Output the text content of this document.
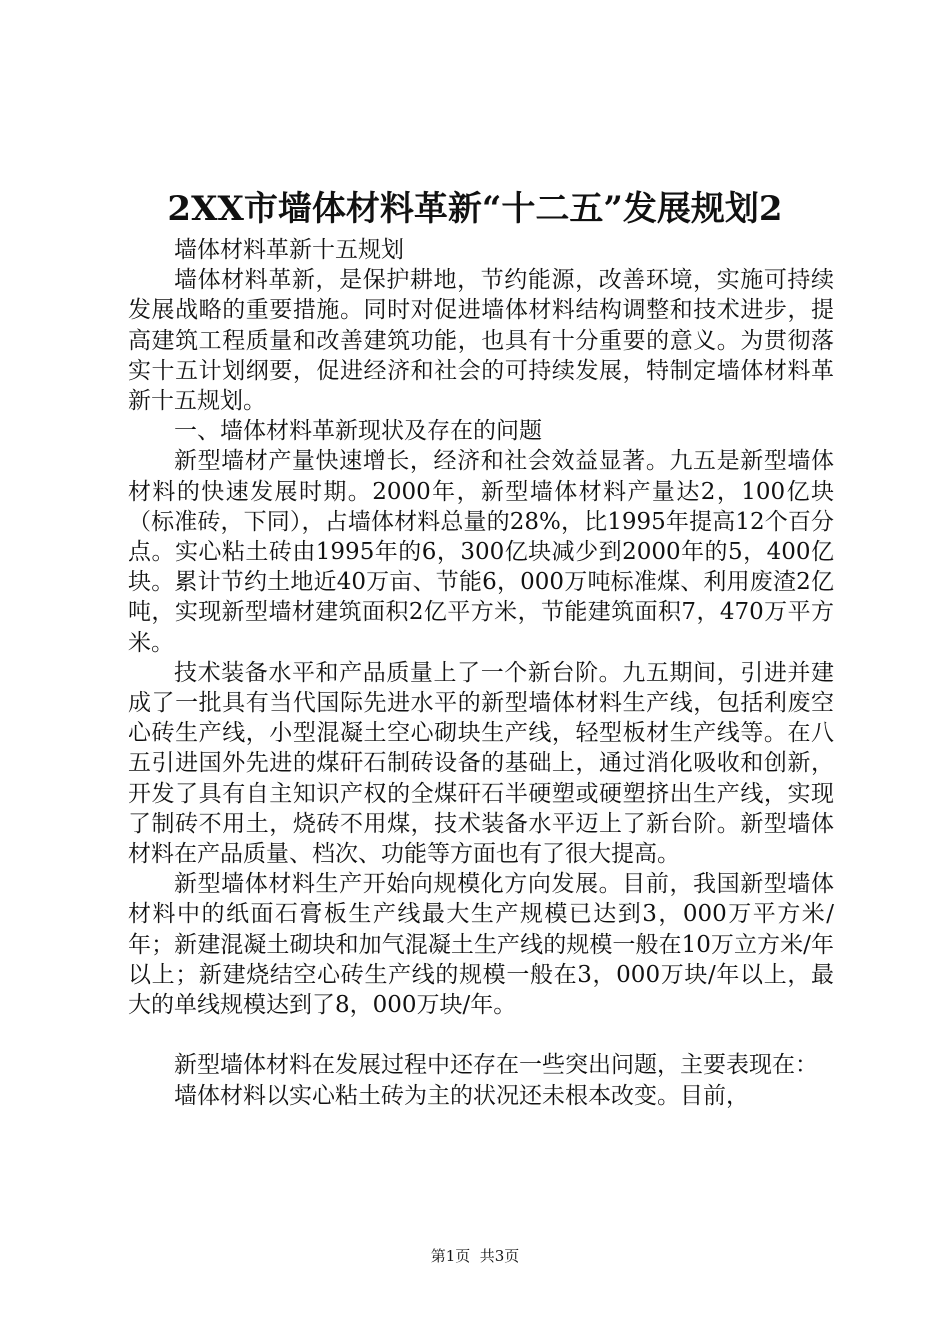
2XX市墙体材料革新“十二五”发展规划2

墙体材料革新十五规划

墙体材料革新，是保护耕地，节约能源，改善环境，实施可持续发展战略的重要措施。同时对促进墙体材料结构调整和技术进步，提高建筑工程质量和改善建筑功能，也具有十分重要的意义。为贯彻落实十五计划纲要，促进经济和社会的可持续发展，特制定墙体材料革新十五规划。

一、墙体材料革新现状及存在的问题

新型墙材产量快速增长，经济和社会效益显著。九五是新型墙体材料的快速发展时期。2000年，新型墙体材料产量达2，100亿块（标准砖，下同），占墙体材料总量的28%，比1995年提高12个百分点。实心粘土砖由1995年的6，300亿块减少到2000年的5，400亿块。累计节约土地近40万亩、节能6，000万吨标准煤、利用废渣2亿吨，实现新型墙材建筑面积2亿平方米，节能建筑面积7，470万平方米。

技术装备水平和产品质量上了一个新台阶。九五期间，引进并建成了一批具有当代国际先进水平的新型墙体材料生产线，包括利废空心砖生产线，小型混凝土空心砌块生产线，轻型板材生产线等。在八五引进国外先进的煤矸石制砖设备的基础上，通过消化吸收和创新，开发了具有自主知识产权的全煤矸石半硬塑或硬塑挤出生产线，实现了制砖不用土，烧砖不用煤，技术装备水平迈上了新台阶。新型墙体材料在产品质量、档次、功能等方面也有了很大提高。

新型墙体材料生产开始向规模化方向发展。目前，我国新型墙体材料中的纸面石膏板生产线最大生产规模已达到3，000万平方米/年；新建混凝土砌块和加气混凝土生产线的规模一般在10万立方米/年以上；新建烧结空心砖生产线的规模一般在3，000万块/年以上，最大的单线规模达到了8，000万块/年。

新型墙体材料在发展过程中还存在一些突出问题，主要表现在：

墙体材料以实心粘土砖为主的状况还未根本改变。目前，

第1页  共3页
